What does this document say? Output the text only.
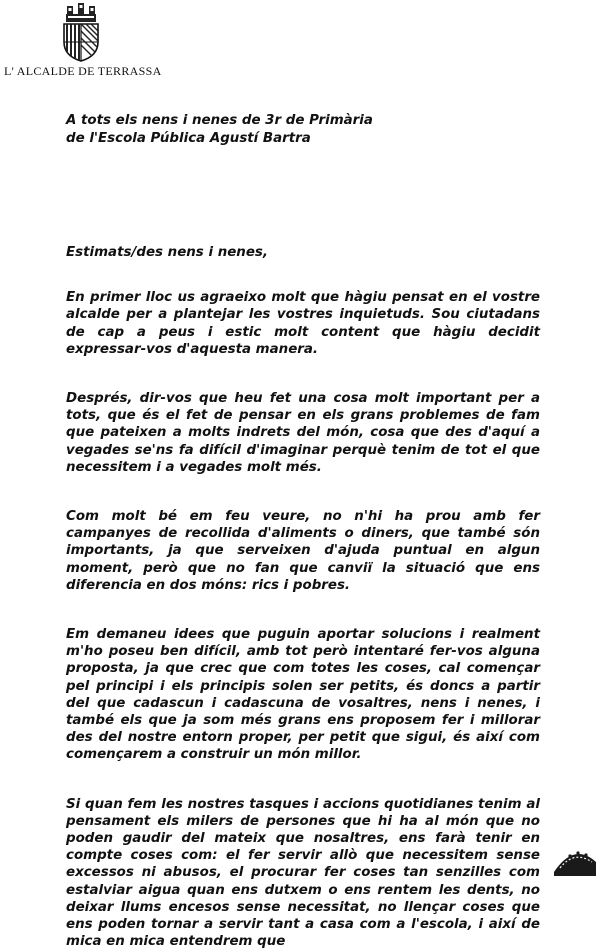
L' ALCALDE DE TERRASSA
A tots els nens i nenes de 3r de Primària
de l'Escola Pública Agustí Bartra

Estimats/des nens i nenes,

En primer lloc us agraeixo molt que hàgiu pensat en el vostre alcalde per a plantejar les vostres inquietuds. Sou ciutadans de cap a peus i estic molt content que hàgiu decidit expressar-vos d'aquesta manera.

Després, dir-vos que heu fet una cosa molt important per a tots, que és el fet de pensar en els grans problemes de fam que pateixen a molts indrets del món, cosa que des d'aquí a vegades se'ns fa difícil d'imaginar perquè tenim de tot el que necessitem i a vegades molt més.

Com molt bé em feu veure, no n'hi ha prou amb fer campanyes de recollida d'aliments o diners, que també són importants, ja que serveixen d'ajuda puntual en algun moment, però que no fan que canviï la situació que ens diferencia en dos móns: rics i pobres.

Em demaneu idees que puguin aportar solucions i realment m'ho poseu ben difícil, amb tot però intentaré fer-vos alguna proposta, ja que crec que com totes les coses, cal començar pel principi i els principis solen ser petits, és doncs a partir del que cadascun i cadascuna de vosaltres, nens i nenes, i també els que ja som més grans ens proposem fer i millorar des del nostre entorn proper, per petit que sigui, és així com començarem a construir un món millor.

Si quan fem les nostres tasques i accions quotidianes tenim al pensament els milers de persones que hi ha al món que no poden gaudir del mateix que nosaltres, ens farà tenir en compte coses com: el fer servir allò que necessitem sense excessos ni abusos, el procurar fer coses tan senzilles com estalviar aigua quan ens dutxem o ens rentem les dents, no deixar llums encesos sense necessitat, no llençar coses que ens poden tornar a servir tant a casa com a l'escola, i així de mica en mica entendrem que
